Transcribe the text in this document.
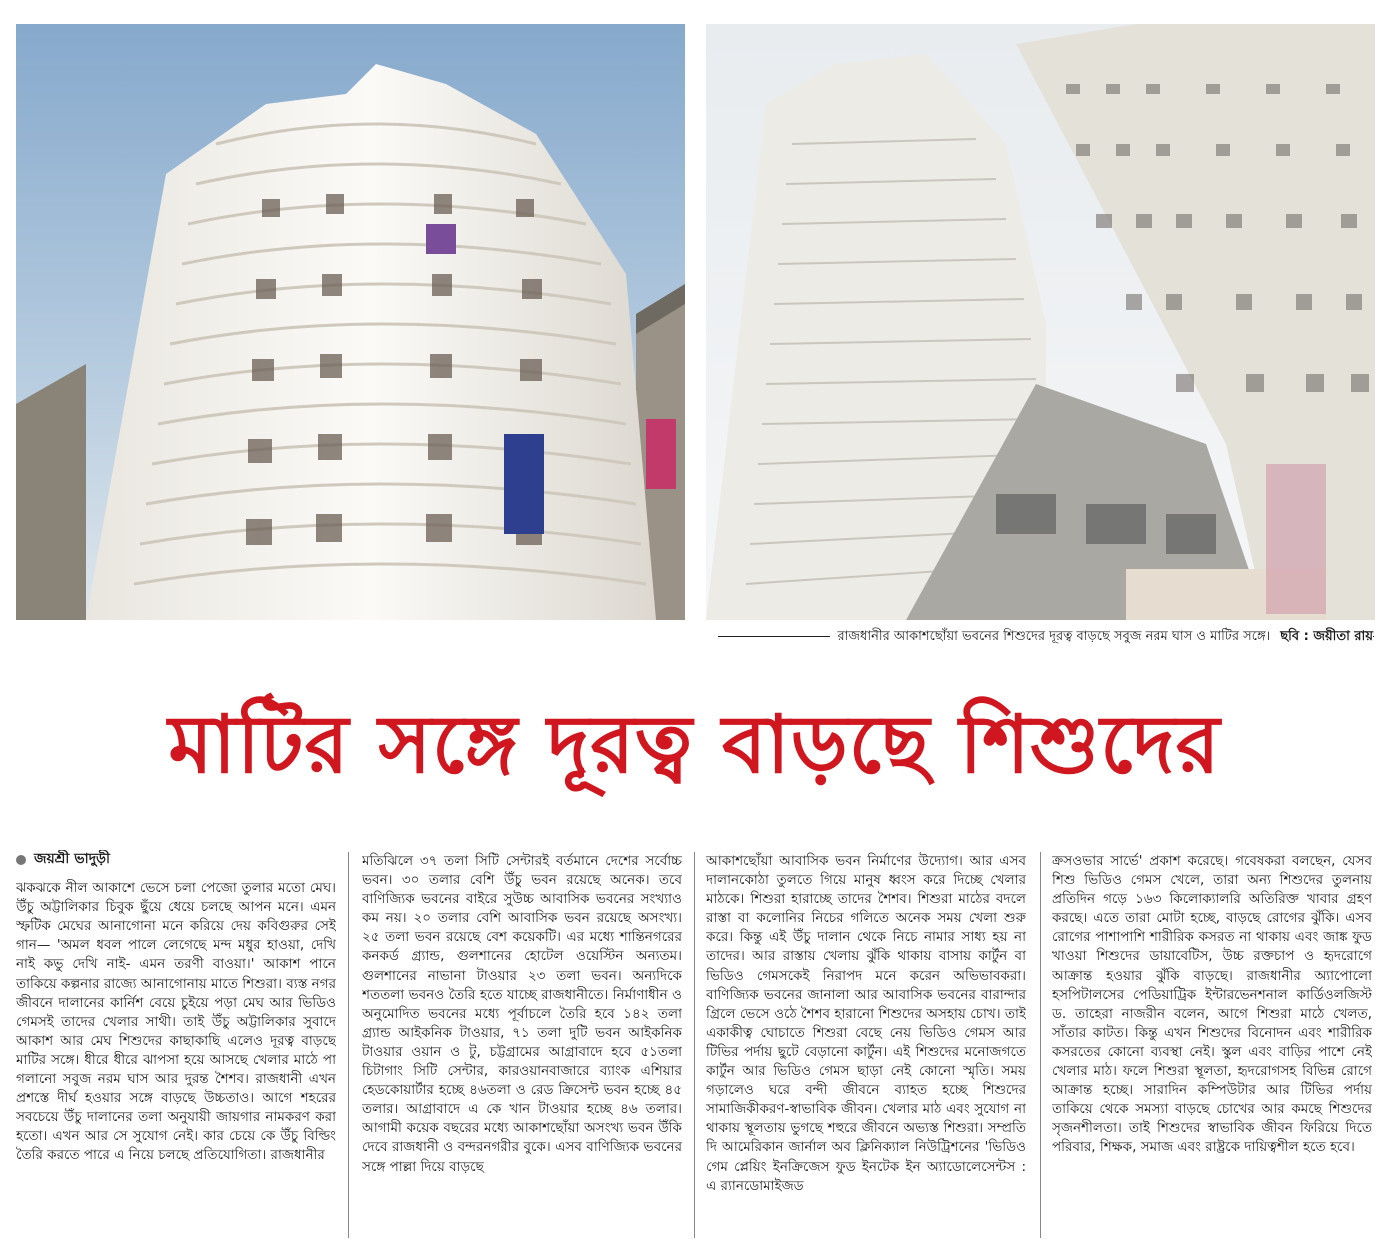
রাজধানীর আকাশছোঁয়া ভবনের শিশুদের দূরত্ব বাড়ছে সবুজ নরম ঘাস ও মাটির সঙ্গে। ছবি : জয়ীতা রায়
মাটির সঙ্গে দূরত্ব বাড়ছে শিশুদের
জয়শ্রী ভাদুড়ী

ঝকঝকে নীল আকাশে ভেসে চলা পেজো তুলার মতো মেঘ। উঁচু অট্টালিকার চিবুক ছুঁয়ে ধেয়ে চলছে আপন মনে। এমন স্ফটিক মেঘের আনাগোনা মনে করিয়ে দেয় কবিগুরুর সেই গান— 'অমল ধবল পালে লেগেছে মন্দ মধুর হাওয়া, দেখি নাই কভু দেখি নাই- এমন তরণী বাওয়া।' আকাশ পানে তাকিয়ে কল্পনার রাজ্যে আনাগোনায় মাতে শিশুরা। ব্যস্ত নগর জীবনে দালানের কার্নিশ বেয়ে চুইয়ে পড়া মেঘ আর ভিডিও গেমসই তাদের খেলার সাথী। তাই উঁচু অট্টালিকার সুবাদে আকাশ আর মেঘ শিশুদের কাছাকাছি এলেও দূরত্ব বাড়ছে মাটির সঙ্গে। ধীরে ধীরে ঝাপসা হয়ে আসছে খেলার মাঠে পা গলানো সবুজ নরম ঘাস আর দুরন্ত শৈশব। রাজধানী এখন প্রশস্তে দীর্ঘ হওয়ার সঙ্গে বাড়ছে উচ্চতাও। আগে শহরের সবচেয়ে উঁচু দালানের তলা অনুযায়ী জায়গার নামকরণ করা হতো। এখন আর সে সুযোগ নেই। কার চেয়ে কে উঁচু বিল্ডিং তৈরি করতে পারে এ নিয়ে চলছে প্রতিযোগিতা। রাজধানীর

মতিঝিলে ৩৭ তলা সিটি সেন্টারই বর্তমানে দেশের সর্বোচ্চ ভবন। ৩০ তলার বেশি উঁচু ভবন রয়েছে অনেক। তবে বাণিজ্যিক ভবনের বাইরে সুউচ্চ আবাসিক ভবনের সংখ্যাও কম নয়। ২০ তলার বেশি আবাসিক ভবন রয়েছে অসংখ্য। ২৫ তলা ভবন রয়েছে বেশ কয়েকটি। এর মধ্যে শান্তিনগরের কনকর্ড গ্র্যান্ড, গুলশানের হোটেল ওয়েস্টিন অন্যতম। গুলশানের নাভানা টাওয়ার ২৩ তলা ভবন। অন্যদিকে শততলা ভবনও তৈরি হতে যাচ্ছে রাজধানীতে। নির্মাণাধীন ও অনুমোদিত ভবনের মধ্যে পূর্বাচলে তৈরি হবে ১৪২ তলা গ্র্যান্ড আইকনিক টাওয়ার, ৭১ তলা দুটি ভবন আইকনিক টাওয়ার ওয়ান ও টু, চট্টগ্রামের আগ্রাবাদে হবে ৫১তলা চিটাগাং সিটি সেন্টার, কারওয়ানবাজারে ব্যাংক এশিয়ার হেডকোয়ার্টার হচ্ছে ৪৬তলা ও রেড ক্রিসেন্ট ভবন হচ্ছে ৪৫ তলার। আগ্রাবাদে এ কে খান টাওয়ার হচ্ছে ৪৬ তলার। আগামী কয়েক বছরের মধ্যে আকাশছোঁয়া অসংখ্য ভবন উঁকি দেবে রাজধানী ও বন্দরনগরীর বুকে। এসব বাণিজ্যিক ভবনের সঙ্গে পাল্লা দিয়ে বাড়ছে

আকাশছোঁয়া আবাসিক ভবন নির্মাণের উদ্যোগ। আর এসব দালানকোঠা তুলতে গিয়ে মানুষ ধ্বংস করে দিচ্ছে খেলার মাঠকে। শিশুরা হারাচ্ছে তাদের শৈশব। শিশুরা মাঠের বদলে রাস্তা বা কলোনির নিচের গলিতে অনেক সময় খেলা শুরু করে। কিন্তু এই উঁচু দালান থেকে নিচে নামার সাধ্য হয় না তাদের। আর রাস্তায় খেলায় ঝুঁকি থাকায় বাসায় কার্টুন বা ভিডিও গেমসকেই নিরাপদ মনে করেন অভিভাবকরা। বাণিজ্যিক ভবনের জানালা আর আবাসিক ভবনের বারান্দার গ্রিলে ভেসে ওঠে শৈশব হারানো শিশুদের অসহায় চোখ। তাই একাকীত্ব ঘোচাতে শিশুরা বেছে নেয় ভিডিও গেমস আর টিভির পর্দায় ছুটে বেড়ানো কার্টুন। এই শিশুদের মনোজগতে কার্টুন আর ভিডিও গেমস ছাড়া নেই কোনো স্মৃতি। সময় গড়ালেও ঘরে বন্দী জীবনে ব্যাহত হচ্ছে শিশুদের সামাজিকীকরণ-স্বাভাবিক জীবন। খেলার মাঠ এবং সুযোগ না থাকায় স্থূলতায় ভুগছে শহুরে জীবনে অভ্যস্ত শিশুরা। সম্প্রতি দি আমেরিকান জার্নাল অব ক্লিনিক্যাল নিউট্রিশনের 'ভিডিও গেম প্লেয়িং ইনক্রিজেস ফুড ইনটেক ইন অ্যাডোলেসেন্টস : এ র‍্যানডোমাইজড

ক্রসওভার সার্ভে' প্রকাশ করেছে। গবেষকরা বলছেন, যেসব শিশু ভিডিও গেমস খেলে, তারা অন্য শিশুদের তুলনায় প্রতিদিন গড়ে ১৬৩ কিলোক্যালরি অতিরিক্ত খাবার গ্রহণ করছে। এতে তারা মোটা হচ্ছে, বাড়ছে রোগের ঝুঁকি। এসব রোগের পাশাপাশি শারীরিক কসরত না থাকায় এবং জাঙ্ক ফুড খাওয়া শিশুদের ডায়াবেটিস, উচ্চ রক্তচাপ ও হৃদরোগে আক্রান্ত হওয়ার ঝুঁকি বাড়ছে। রাজধানীর অ্যাপোলো হসপিটালসের পেডিয়াট্রিক ইন্টারভেনশনাল কার্ডিওলজিস্ট ড. তাহেরা নাজরীন বলেন, আগে শিশুরা মাঠে খেলত, সাঁতার কাটত। কিন্তু এখন শিশুদের বিনোদন এবং শারীরিক কসরতের কোনো ব্যবস্থা নেই। স্কুল এবং বাড়ির পাশে নেই খেলার মাঠ। ফলে শিশুরা স্থূলতা, হৃদরোগসহ বিভিন্ন রোগে আক্রান্ত হচ্ছে। সারাদিন কম্পিউটার আর টিভির পর্দায় তাকিয়ে থেকে সমস্যা বাড়ছে চোখের আর কমছে শিশুদের সৃজনশীলতা। তাই শিশুদের স্বাভাবিক জীবন ফিরিয়ে দিতে পরিবার, শিক্ষক, সমাজ এবং রাষ্ট্রকে দায়িত্বশীল হতে হবে।
